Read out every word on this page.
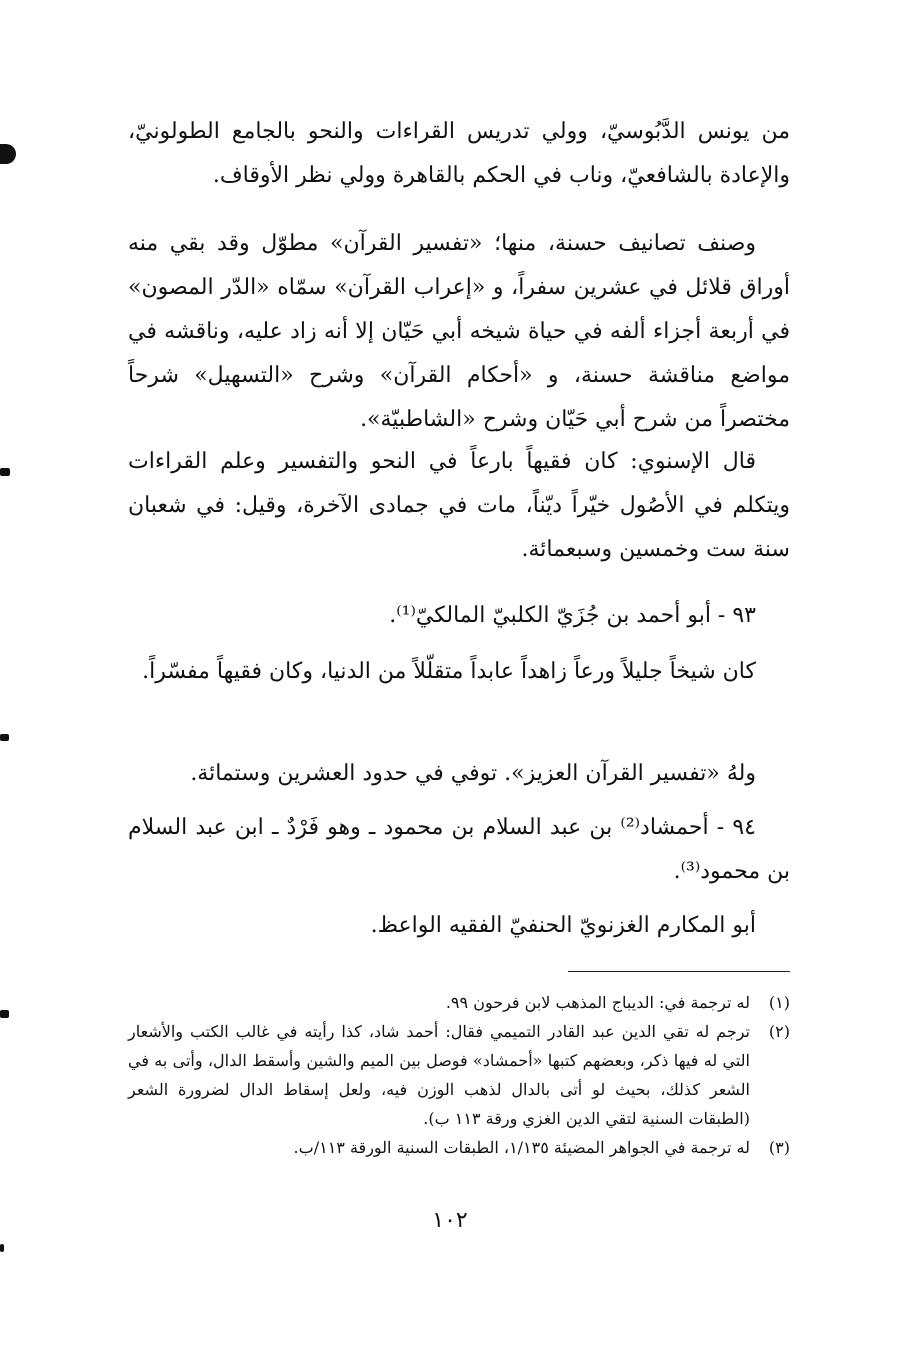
من يونس الدَّبُوسيّ، وولي تدريس القراءات والنحو بالجامع الطولونيّ، والإعادة بالشافعيّ، وناب في الحكم بالقاهرة وولي نظر الأوقاف.

وصنف تصانيف حسنة، منها؛ «تفسير القرآن» مطوّل وقد بقي منه أوراق قلائل في عشرين سفراً، و «إعراب القرآن» سمّاه «الدّر المصون» في أربعة أجزاء ألفه في حياة شيخه أبي حَيّان إلا أنه زاد عليه، وناقشه في مواضع مناقشة حسنة، و «أحكام القرآن» وشرح «التسهيل» شرحاً مختصراً من شرح أبي حَيّان وشرح «الشاطبيّة».

قال الإسنوي: كان فقيهاً بارعاً في النحو والتفسير وعلم القراءات ويتكلم في الأصُول خيّراً ديّناً، مات في جمادى الآخرة، وقيل: في شعبان سنة ست وخمسين وسبعمائة.

٩٣ - أبو أحمد بن جُزَيّ الكلبيّ المالكيّ⁽¹⁾.

كان شيخاً جليلاً ورعاً زاهداً عابداً متقلّلاً من الدنيا، وكان فقيهاً مفسّراً.

ولهُ «تفسير القرآن العزيز». توفي في حدود العشرين وستمائة.

٩٤ - أحمشاد⁽²⁾ بن عبد السلام بن محمود ـ وهو فَرْدٌ ـ ابن عبد السلام بن محمود⁽³⁾.

أبو المكارم الغزنويّ الحنفيّ الفقيه الواعظ.

(١)
له ترجمة في: الديباج المذهب لابن فرحون ٩٩.
(٢)
ترجم له تقي الدين عبد القادر التميمي فقال: أحمد شاد، كذا رأيته في غالب الكتب والأشعار التي له فيها ذكر، وبعضهم كتبها «أحمشاد» فوصل بين الميم والشين وأسقط الدال، وأتى به في الشعر كذلك، بحيث لو أتى بالدال لذهب الوزن فيه، ولعل إسقاط الدال لضرورة الشعر (الطبقات السنية لتقي الدين الغزي ورقة ١١٣ ب).
(٣)
له ترجمة في الجواهر المضيئة ١/١٣٥، الطبقات السنية الورقة ١١٣/ب.
١٠٢
